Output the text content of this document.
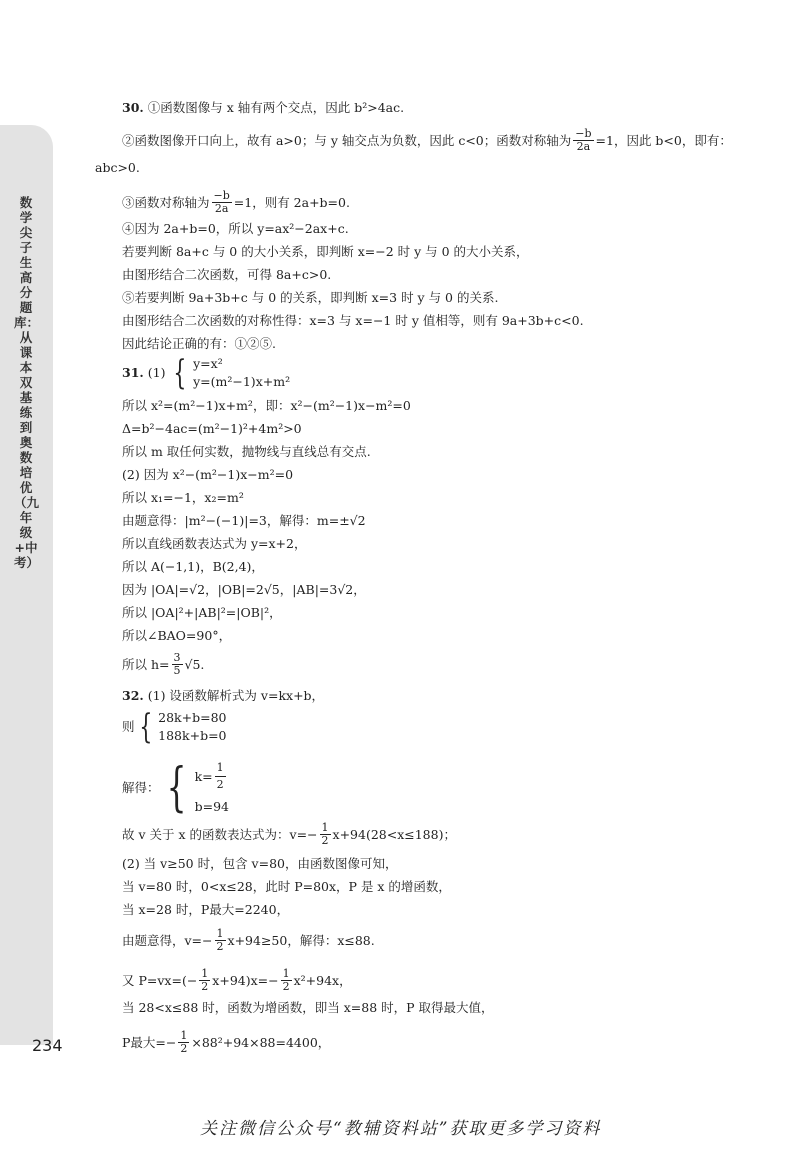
数学尖子生高分题库：从课本双基练到奥数培优（九年级+中考）
234
30. ①函数图像与 x 轴有两个交点，因此 b²>4ac.
②函数图像开口向上，故有 a>0；与 y 轴交点为负数，因此 c<0；函数对称轴为 $\frac{-b}{2a} =1$，因此 b<0，即有：
abc>0.
③函数对称轴为 $\frac{-b}{2a} =1$，则有 2a+b=0.
④因为 2a+b=0，所以 y=ax²−2ax+c.
若要判断 8a+c 与 0 的大小关系，即判断 x=−2 时 y 与 0 的大小关系，
由图形结合二次函数，可得 8a+c>0.
⑤若要判断 9a+3b+c 与 0 的关系，即判断 x=3 时 y 与 0 的关系.
由图形结合二次函数的对称性得：x=3 与 x=−1 时 y 值相等，则有 9a+3b+c<0.
因此结论正确的有：①②⑤.
31. (1) { y=x²
y=(m²−1)x+m²
所以 x²=(m²−1)x+m²，即：x²−(m²−1)x−m²=0
Δ=b²−4ac=(m²−1)²+4m²>0
所以 m 取任何实数，抛物线与直线总有交点.
(2) 因为 x²−(m²−1)x−m²=0
所以 x₁=−1，x₂=m²
由题意得：|m²−(−1)|=3，解得：m=±√2
所以直线函数表达式为 y=x+2，
所以 A(−1,1)，B(2,4)，
因为 |OA|=√2，|OB|=2√5，|AB|=3√2，
所以 |OA|²+|AB|²=|OB|²，
所以∠BAO=90°，
所以 $h= \frac{3}{5} √5$.
32. (1) 设函数解析式为 v=kx+b，
则 { 28k+b=80
188k+b=0
解得： { $k= \frac{1}{2}$
b=94
故 v 关于 x 的函数表达式为：$v=- \frac{1}{2} x+94(28<x\le 188)$；
(2) 当 v≥50 时，包含 v=80，由函数图像可知，
当 v=80 时，0<x≤28，此时 P=80x，P 是 x 的增函数，
当 x=28 时，P最大=2240，
由题意得，$v=- \frac{1}{2} x+94\ge 50$，解得：x≤88.
又 $P=vx=(- \frac{1}{2} x+94)x=- \frac{1}{2} x^2+94x$，
当 28<x≤88 时，函数为增函数，即当 x=88 时，P 取得最大值，
P最大=− $\frac{1}{2} \times 88^2+94\times 88=4400$，
关注微信公众号“教辅资料站”获取更多学习资料
